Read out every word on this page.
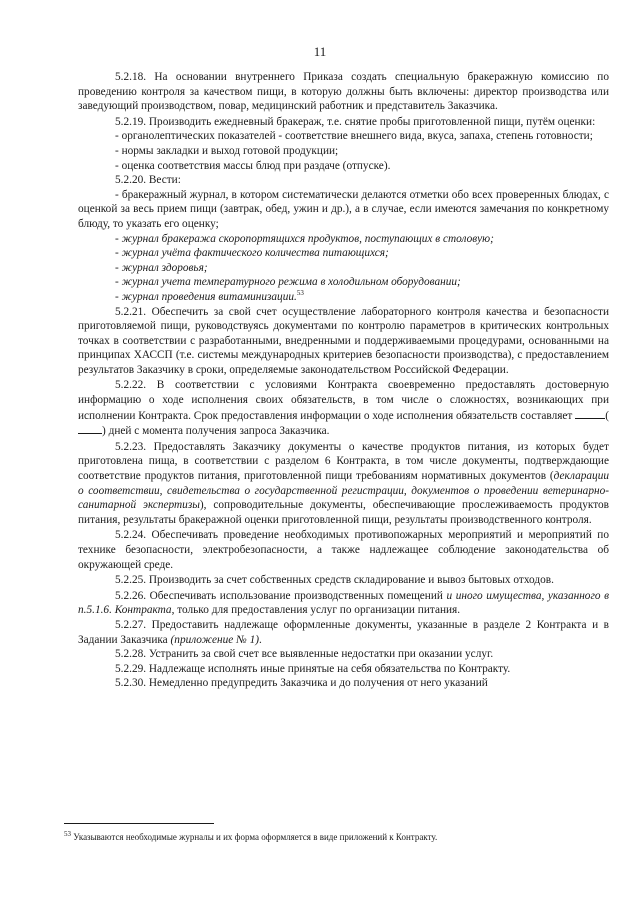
11

5.2.18. На основании внутреннего Приказа создать специальную бракеражную комиссию по проведению контроля за качеством пищи, в которую должны быть включены: директор производства или заведующий производством, повар, медицинский работник и представитель Заказчика.

5.2.19. Производить ежедневный бракераж, т.е. снятие пробы приготовленной пищи, путём оценки:

- органолептических показателей - соответствие внешнего вида, вкуса, запаха, степень готовности;

- нормы закладки и выход готовой продукции;

- оценка соответствия массы блюд при раздаче (отпуске).

5.2.20. Вести:

- бракеражный журнал, в котором систематически делаются отметки обо всех проверенных блюдах, с оценкой за весь прием пищи (завтрак, обед, ужин и др.), а в случае, если имеются замечания по конкретному блюду, то указать его оценку;

- журнал бракеража скоропортящихся продуктов, поступающих в столовую;

- журнал учёта фактического количества питающихся;

- журнал здоровья;

- журнал учета температурного режима в холодильном оборудовании;

- журнал проведения витаминизации.$^{53}$

5.2.21. Обеспечить за свой счет осуществление лабораторного контроля качества и безопасности приготовляемой пищи, руководствуясь документами по контролю параметров в критических контрольных точках в соответствии с разработанными, внедренными и поддерживаемыми процедурами, основанными на принципах ХАССП (т.е. системы международных критериев безопасности производства), с предоставлением результатов Заказчику в сроки, определяемые законодательством Российской Федерации.

5.2.22. В соответствии с условиями Контракта своевременно предоставлять достоверную информацию о ходе исполнения своих обязательств, в том числе о сложностях, возникающих при исполнении Контракта. Срок предоставления информации о ходе исполнения обязательств составляет	() дней с момента получения запроса Заказчика.

5.2.23. Предоставлять Заказчику документы о качестве продуктов питания, из которых будет приготовлена пища, в соответствии с разделом 6 Контракта, в том числе документы, подтверждающие соответствие продуктов питания, приготовленной пищи требованиям нормативных документов (декларации о соответствии, свидетельства о государственной регистрации, документов о проведении ветеринарно-санитарной экспертизы), сопроводительные документы, обеспечивающие прослеживаемость продуктов питания, результаты бракеражной оценки приготовленной пищи, результаты производственного контроля.

5.2.24. Обеспечивать проведение необходимых противопожарных мероприятий и мероприятий по технике безопасности, электробезопасности, а также надлежащее соблюдение законодательства об окружающей среде.

5.2.25. Производить за счет собственных средств складирование и вывоз бытовых отходов.

5.2.26. Обеспечивать использование производственных помещений и иного имущества, указанного в п.5.1.6. Контракта, только для предоставления услуг по организации питания.

5.2.27. Предоставить надлежаще оформленные документы, указанные в разделе 2 Контракта и в Задании Заказчика (приложение № 1).

5.2.28. Устранить за свой счет все выявленные недостатки при оказании услуг.

5.2.29. Надлежаще исполнять иные принятые на себя обязательства по Контракту.

5.2.30. Немедленно предупредить Заказчика и до получения от него указаний

$^{53}$ Указываются необходимые журналы и их форма оформляется в виде приложений к Контракту.
